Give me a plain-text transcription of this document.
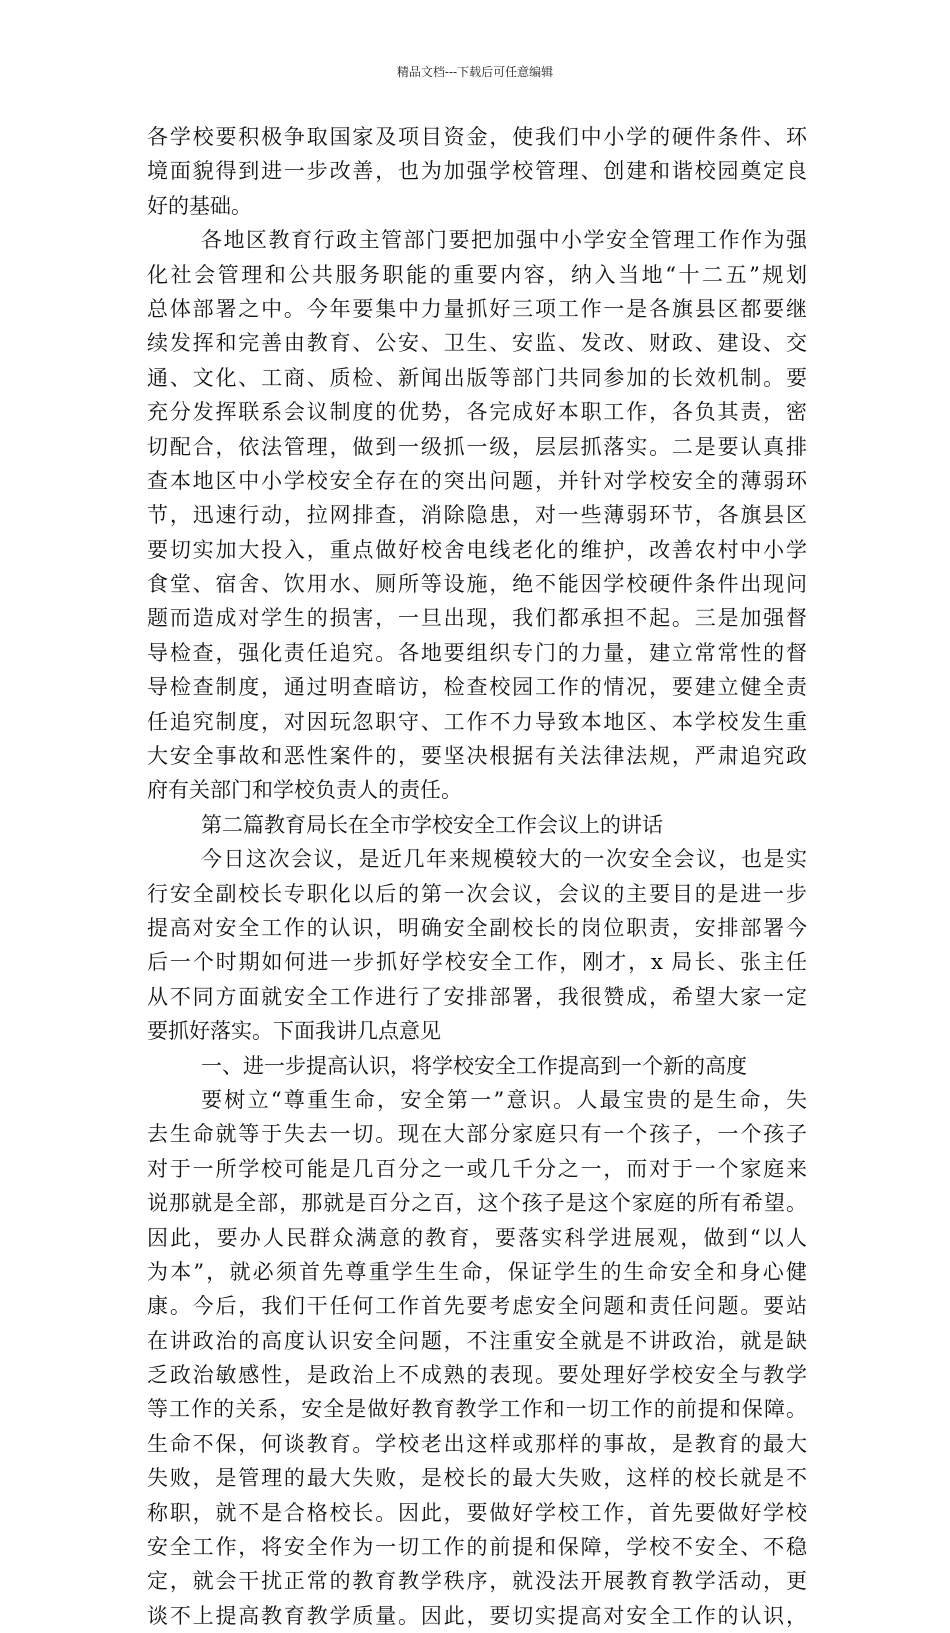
精品文档---下载后可任意编辑
各学校要积极争取国家及项目资金，使我们中小学的硬件条件、环
境面貌得到进一步改善，也为加强学校管理、创建和谐校园奠定良
好的基础。
各地区教育行政主管部门要把加强中小学安全管理工作作为强
化社会管理和公共服务职能的重要内容，纳入当地“十二五”规划
总体部署之中。今年要集中力量抓好三项工作一是各旗县区都要继
续发挥和完善由教育、公安、卫生、安监、发改、财政、建设、交
通、文化、工商、质检、新闻出版等部门共同参加的长效机制。要
充分发挥联系会议制度的优势，各完成好本职工作，各负其责，密
切配合，依法管理，做到一级抓一级，层层抓落实。二是要认真排
查本地区中小学校安全存在的突出问题，并针对学校安全的薄弱环
节，迅速行动，拉网排查，消除隐患，对一些薄弱环节，各旗县区
要切实加大投入，重点做好校舍电线老化的维护，改善农村中小学
食堂、宿舍、饮用水、厕所等设施，绝不能因学校硬件条件出现问
题而造成对学生的损害，一旦出现，我们都承担不起。三是加强督
导检查，强化责任追究。各地要组织专门的力量，建立常常性的督
导检查制度，通过明查暗访，检查校园工作的情况，要建立健全责
任追究制度，对因玩忽职守、工作不力导致本地区、本学校发生重
大安全事故和恶性案件的，要坚决根据有关法律法规，严肃追究政
府有关部门和学校负责人的责任。
第二篇教育局长在全市学校安全工作会议上的讲话
今日这次会议，是近几年来规模较大的一次安全会议，也是实
行安全副校长专职化以后的第一次会议，会议的主要目的是进一步
提高对安全工作的认识，明确安全副校长的岗位职责，安排部署今
后一个时期如何进一步抓好学校安全工作，刚才，x 局长、张主任
从不同方面就安全工作进行了安排部署，我很赞成，希望大家一定
要抓好落实。下面我讲几点意见
一、进一步提高认识，将学校安全工作提高到一个新的高度
要树立“尊重生命，安全第一”意识。人最宝贵的是生命，失
去生命就等于失去一切。现在大部分家庭只有一个孩子，一个孩子
对于一所学校可能是几百分之一或几千分之一，而对于一个家庭来
说那就是全部，那就是百分之百，这个孩子是这个家庭的所有希望。
因此，要办人民群众满意的教育，要落实科学进展观，做到“以人
为本”，就必须首先尊重学生生命，保证学生的生命安全和身心健
康。今后，我们干任何工作首先要考虑安全问题和责任问题。要站
在讲政治的高度认识安全问题，不注重安全就是不讲政治，就是缺
乏政治敏感性，是政治上不成熟的表现。要处理好学校安全与教学
等工作的关系，安全是做好教育教学工作和一切工作的前提和保障。
生命不保，何谈教育。学校老出这样或那样的事故，是教育的最大
失败，是管理的最大失败，是校长的最大失败，这样的校长就是不
称职，就不是合格校长。因此，要做好学校工作，首先要做好学校
安全工作，将安全作为一切工作的前提和保障，学校不安全、不稳
定，就会干扰正常的教育教学秩序，就没法开展教育教学活动，更
谈不上提高教育教学质量。因此，要切实提高对安全工作的认识，
